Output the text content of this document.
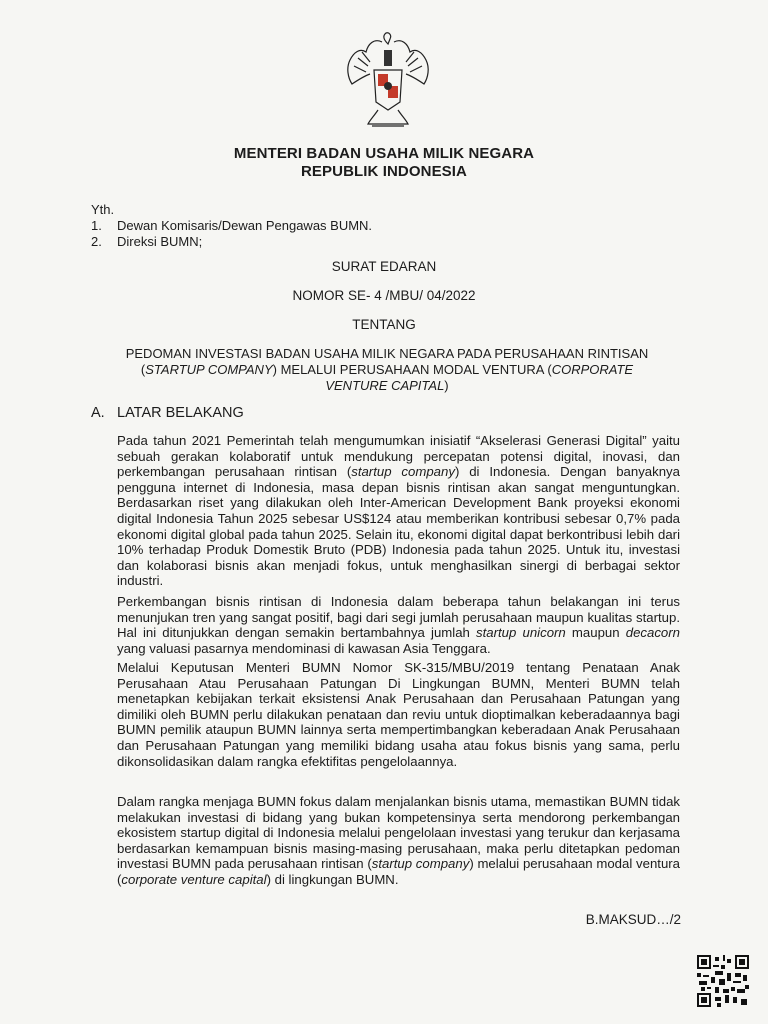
MENTERI BADAN USAHA MILIK NEGARA
REPUBLIK INDONESIA
Yth.
1.	Dewan Komisaris/Dewan Pengawas BUMN.
2.	Direksi BUMN;
SURAT EDARAN
NOMOR SE- 4 /MBU/ 04/2022
TENTANG
PEDOMAN INVESTASI BADAN USAHA MILIK NEGARA PADA PERUSAHAAN RINTISAN
(STARTUP COMPANY) MELALUI PERUSAHAAN MODAL VENTURA (CORPORATE
VENTURE CAPITAL)
A. LATAR BELAKANG

Pada tahun 2021 Pemerintah telah mengumumkan inisiatif “Akselerasi Generasi Digital” yaitu sebuah gerakan kolaboratif untuk mendukung percepatan potensi digital, inovasi, dan perkembangan perusahaan rintisan (startup company) di Indonesia. Dengan banyaknya pengguna internet di Indonesia, masa depan bisnis rintisan akan sangat menguntungkan. Berdasarkan riset yang dilakukan oleh Inter-American Development Bank proyeksi ekonomi digital Indonesia Tahun 2025 sebesar US$124 atau memberikan kontribusi sebesar 0,7% pada ekonomi digital global pada tahun 2025. Selain itu, ekonomi digital dapat berkontribusi lebih dari 10% terhadap Produk Domestik Bruto (PDB) Indonesia pada tahun 2025. Untuk itu, investasi dan kolaborasi bisnis akan menjadi fokus, untuk menghasilkan sinergi di berbagai sektor industri.

Perkembangan bisnis rintisan di Indonesia dalam beberapa tahun belakangan ini terus menunjukan tren yang sangat positif, bagi dari segi jumlah perusahaan maupun kualitas startup. Hal ini ditunjukkan dengan semakin bertambahnya jumlah startup unicorn maupun decacorn yang valuasi pasarnya mendominasi di kawasan Asia Tenggara.

Melalui Keputusan Menteri BUMN Nomor SK-315/MBU/2019 tentang Penataan Anak Perusahaan Atau Perusahaan Patungan Di Lingkungan BUMN, Menteri BUMN telah menetapkan kebijakan terkait eksistensi Anak Perusahaan dan Perusahaan Patungan yang dimiliki oleh BUMN perlu dilakukan penataan dan reviu untuk dioptimalkan keberadaannya bagi BUMN pemilik ataupun BUMN lainnya serta mempertimbangkan keberadaan Anak Perusahaan dan Perusahaan Patungan yang memiliki bidang usaha atau fokus bisnis yang sama, perlu dikonsolidasikan dalam rangka efektifitas pengelolaannya.

Dalam rangka menjaga BUMN fokus dalam menjalankan bisnis utama, memastikan BUMN tidak melakukan investasi di bidang yang bukan kompetensinya serta mendorong perkembangan ekosistem startup digital di Indonesia melalui pengelolaan investasi yang terukur dan kerjasama berdasarkan kemampuan bisnis masing-masing perusahaan, maka perlu ditetapkan pedoman investasi BUMN pada perusahaan rintisan (startup company) melalui perusahaan modal ventura (corporate venture capital) di lingkungan BUMN.

B.MAKSUD…/2
